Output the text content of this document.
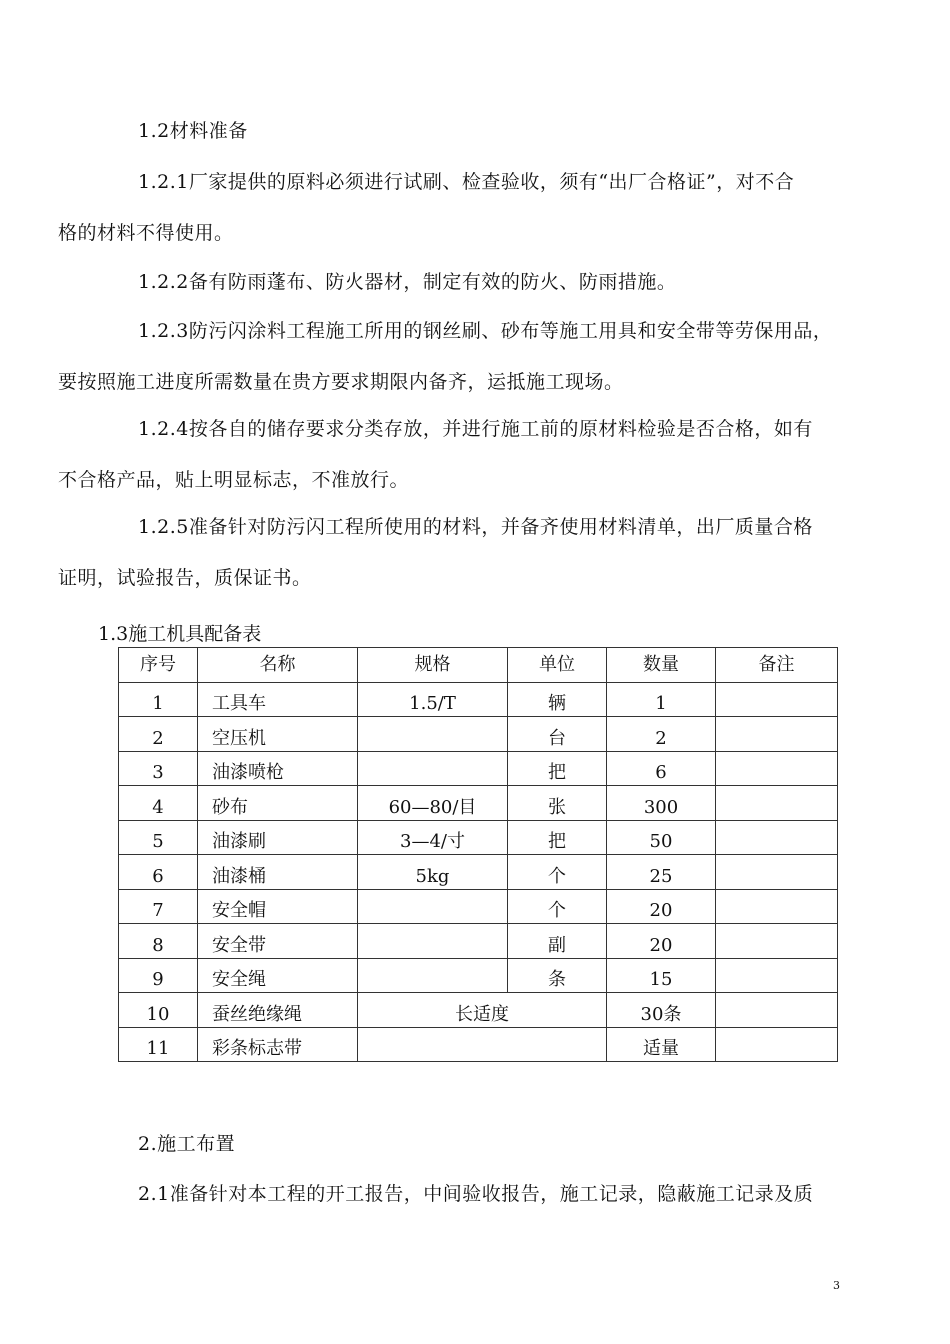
1.2材料准备

1.2.1厂家提供的原料必须进行试刷、检查验收，须有“出厂合格证”，对不合
格的材料不得使用。

1.2.2备有防雨蓬布、防火器材，制定有效的防火、防雨措施。

1.2.3防污闪涂料工程施工所用的钢丝刷、砂布等施工用具和安全带等劳保用品，
要按照施工进度所需数量在贵方要求期限内备齐，运抵施工现场。

1.2.4按各自的储存要求分类存放，并进行施工前的原材料检验是否合格，如有
不合格产品，贴上明显标志，不准放行。

1.2.5准备针对防污闪工程所使用的材料，并备齐使用材料清单，出厂质量合格
证明，试验报告，质保证书。

1.3施工机具配备表
序号	名称	规格	单位	数量	备注
1	工具车	1.5/T	辆	1	
2	空压机		台	2	
3	油漆喷枪		把	6	
4	砂布	60—80/目	张	300	
5	油漆刷	3—4/寸	把	50	
6	油漆桶	5kg	个	25	
7	安全帽		个	20	
8	安全带		副	20	
9	安全绳		条	15	
10	蚕丝绝缘绳	长适度		30条	
11	彩条标志带			适量	

2.施工布置

2.1准备针对本工程的开工报告，中间验收报告，施工记录，隐蔽施工记录及质

3
